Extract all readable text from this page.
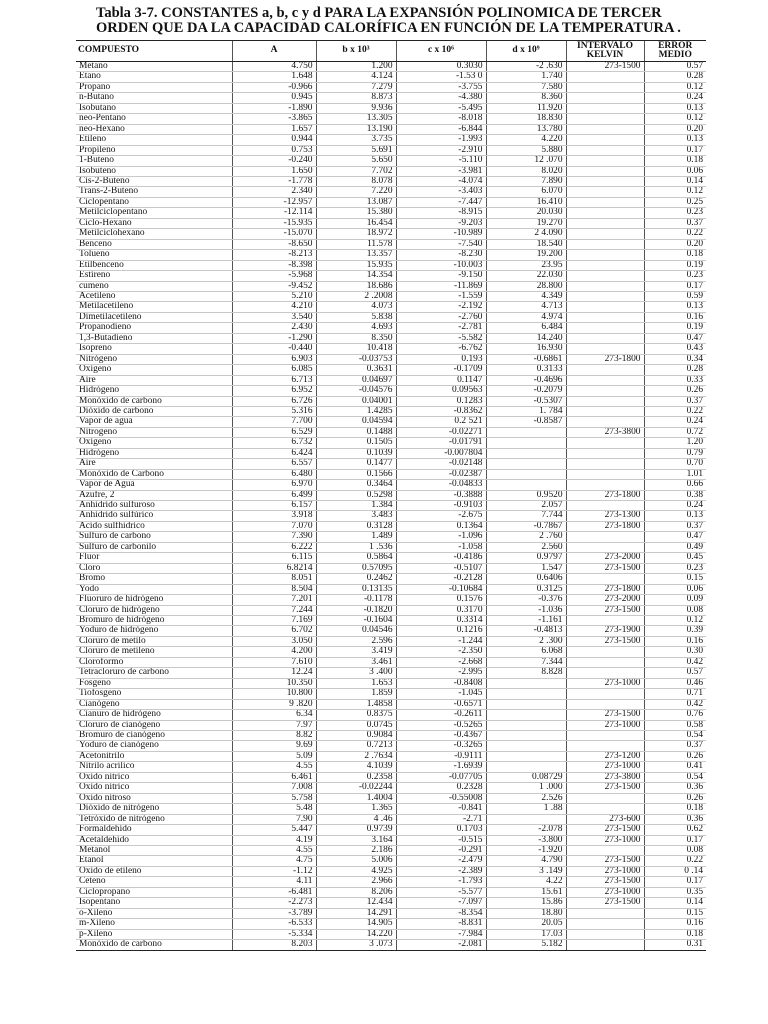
Tabla 3-7. CONSTANTES a, b, c y d PARA LA EXPANSIÓN POLINOMICA DE TERCER
ORDEN QUE DA LA CAPACIDAD CALORÍFICA EN FUNCIÓN DE LA TEMPERATURA .
COMPUESTO	A	b x 10³	c x 10⁶	d x 10⁹	INTERVALO KELVIN	ERROR MEDIO
Metano	4.750	1.200	0.3030	-2 .630	273-1500	0.57
Etano	1.648	4.124	-1.53 0	1.740		0.28
Propano	-0.966	7.279	-3.755	7.580		0.12
n-Butano	0.945	8.873	-4.380	8.360		0.24
Isobutano	-1.890	9.936	-5.495	11.920		0.13
neo-Pentano	-3.865	13.305	-8.018	18.830		0.12
neo-Hexano	1.657	13.190	-6.844	13.780		0.20
Etileno	0.944	3.735	-1.993	4.220		0.13
Propileno	0.753	5.691	-2.910	5.880		0.17
1-Buteno	-0.240	5.650	-5.110	12 .070		0.18
Isobuteno	1.650	7.702	-3.981	8.020		0.06
Cis-2-Buteno	-1.778	8.078	-4.074	7.890		0.14
Trans-2-Buteno	2.340	7.220	-3.403	6.070		0.12
Ciclopentano	-12.957	13.087	-7.447	16.410		0.25
Metilciclopentano	-12.114	15.380	-8.915	20.030		0.23
Ciclo-Hexano	-15.935	16.454	-9.203	19.270		0.37
Metilciclohexano	-15.070	18.972	-10.989	2 4.090		0.22
Benceno	-8.650	11.578	-7.540	18.540		0.20
Tolueno	-8.213	13.357	-8.230	19.200		0.18
Etilbenceno	-8.398	15.935	-10.003	23.95		0.19
Estireno	-5.968	14.354	-9.150	22.030		0.23
cumeno	-9.452	18.686	-11.869	28.800		0.17
Acetileno	5.210	2 .2008	-1.559	4.349		0.59
Metilacetileno	4.210	4.073	-2.192	4.713		0.13
Dimetilacetileno	3.540	5.838	-2.760	4.974		0.16
Propanodieno	2.430	4.693	-2.781	6.484		0.19
1,3-Butadieno	-1.290	8.350	-5.582	14.240		0.47
Isopreno	-0.440	10.418	-6.762	16.930		0.43
Nitrógeno	6.903	-0.03753	0.193	-0.6861	273-1800	0.34
Oxigeno	6.085	0.3631	-0.1709	0.3133		0.28
Aire	6.713	0.04697	0.1147	-0.4696		0.33
Hidrógeno	6.952	-0.04576	0.09563	-0.2079		0.26
Monóxido de carbono	6.726	0.04001	0.1283	-0.5307		0.37
Dióxido de carbono	5.316	1.4285	-0.8362	1. 784		0.22
Vapor de agua	7.700	0.04594	0.2 521	-0.8587		0.24
Nitrogeno	6.529	0.1488	-0.02271		273-3800	0.72
Oxigeno	6.732	0.1505	-0.01791			1.20
Hidrógeno	6.424	0.1039	-0.007804			0.79
Aire	6.557	0.1477	-0.02148			0.70
Monóxido de Carbono	6.480	0.1566	-0.02387			1.01
Vapor de Agua	6.970	0.3464	-0.04833			0.66
Azufre, 2	6.499	0.5298	-0.3888	0.9520	273-1800	0.38
Anhidrido sulfuroso	6.157	1.384	-0.9103	2.057		0.24
Anhidrido sulfúrico	3.918	3.483	-2.675	7.744	273-1300	0.13
Acido sulfhidrico	7.070	0.3128	0.1364	-0.7867	273-1800	0.37
Sulfuro de carbono	7.390	1.489	-1.096	2 .760		0.47
Sulfuro de carbonilo	6.222	1 .536	-1.058	2.560		0.49
Fluor	6.115	0.5864	-0.4186	0.9797	273-2000	0.45
Cloro	6.8214	0.57095	-0.5107	1.547	273-1500	0.23
Bromo	8.051	0.2462	-0.2128	0.6406		0.15
Yodo	8.504	0.13135	-0.10684	0.3125	273-1800	0.06
Fluoruro de hidrógeno	7.201	-0.1178	0.1576	-0.376	273-2000	0.09
Cloruro de hidrógeno	7.244	-0.1820	0.3170	-1.036	273-1500	0.08
Bromuro de hidrógeno	7.169	-0.1604	0.3314	-1.161		0.12
Yoduro de hidrógeno	6.702	0.04546	0.1216	-0.4813	273-1900	0.39
Cloruro de metilo	3.050	2.596	-1.244	2 .300	273-1500	0.16
Cloruro de metileno	4.200	3.419	-2.350	6.068		0.30
Cloroformo	7.610	3.461	-2.668	7.344		0.42
Tetracloruro de carbono	12.24	3 .400	-2.995	8.828		0.57
Fosgeno	10.350	1.653	-0.8408		273-1000	0.46
Tiofosgeno	10.800	1.859	-1.045			0.71
Cianógeno	9 .820	1.4858	-0.6571			0.42
Cianuro de hidrógeno	6.34	0.8375	-0.2611		273-1500	0.76
Cloruro de cianógeno	7.97	0.0745	-0.5265		273-1000	0.58
Bromuro de cianógeno	8.82	0.9084	-0.4367			0.54
Yoduro de cianógeno	9.69	0.7213	-0.3265			0.37
Acetonitrilo	5.09	2 .7634	-0.9111		273-1200	0.26
Nitrilo acrilico	4.55	4.1039	-1.6939		273-1000	0.41
Oxido nitrico	6.461	0.2358	-0.07705	0.08729	273-3800	0.54
Oxido nitrico	7.008	-0.02244	0.2328	1 .000	273-1500	0.36
Oxido nitroso	5.758	1.4004	-0.55008	2.526		0.26
Dióxido de nitrógeno	5.48	1.365	-0.841	1 .88		0.18
Tetróxido de nitrógeno	7.90	4 .46	-2.71		273-600	0.36
Formaldehído	5.447	0.9739	0.1703	-2.078	273-1500	0.62
Acetaldehído	4.19	3.164	-0.515	-3.800	273-1000	0.17
Metanol	4.55	2.186	-0.291	-1.920		0.08
Etanol	4.75	5.006	-2.479	4.790	273-1500	0.22
Oxido de etileno	-1.12	4.925	-2.389	3 .149	273-1000	0 .14
Ceteno	4.11	2.966	-1.793	4.22	273-1500	0.17
Ciclopropano	-6.481	8.206	-5.577	15.61	273-1000	0.35
Isopentano	-2.273	12.434	-7.097	15.86	273-1500	0.14
o-Xileno	-3.789	14.291	-8.354	18.80		0.15
m-Xileno	-6.533	14.905	-8.831	20.05		0.16
p-Xileno	-5.334	14.220	-7.984	17.03		0.18
Monóxido de carbono	8.203	3 .073	-2.081	5.182		0.31
